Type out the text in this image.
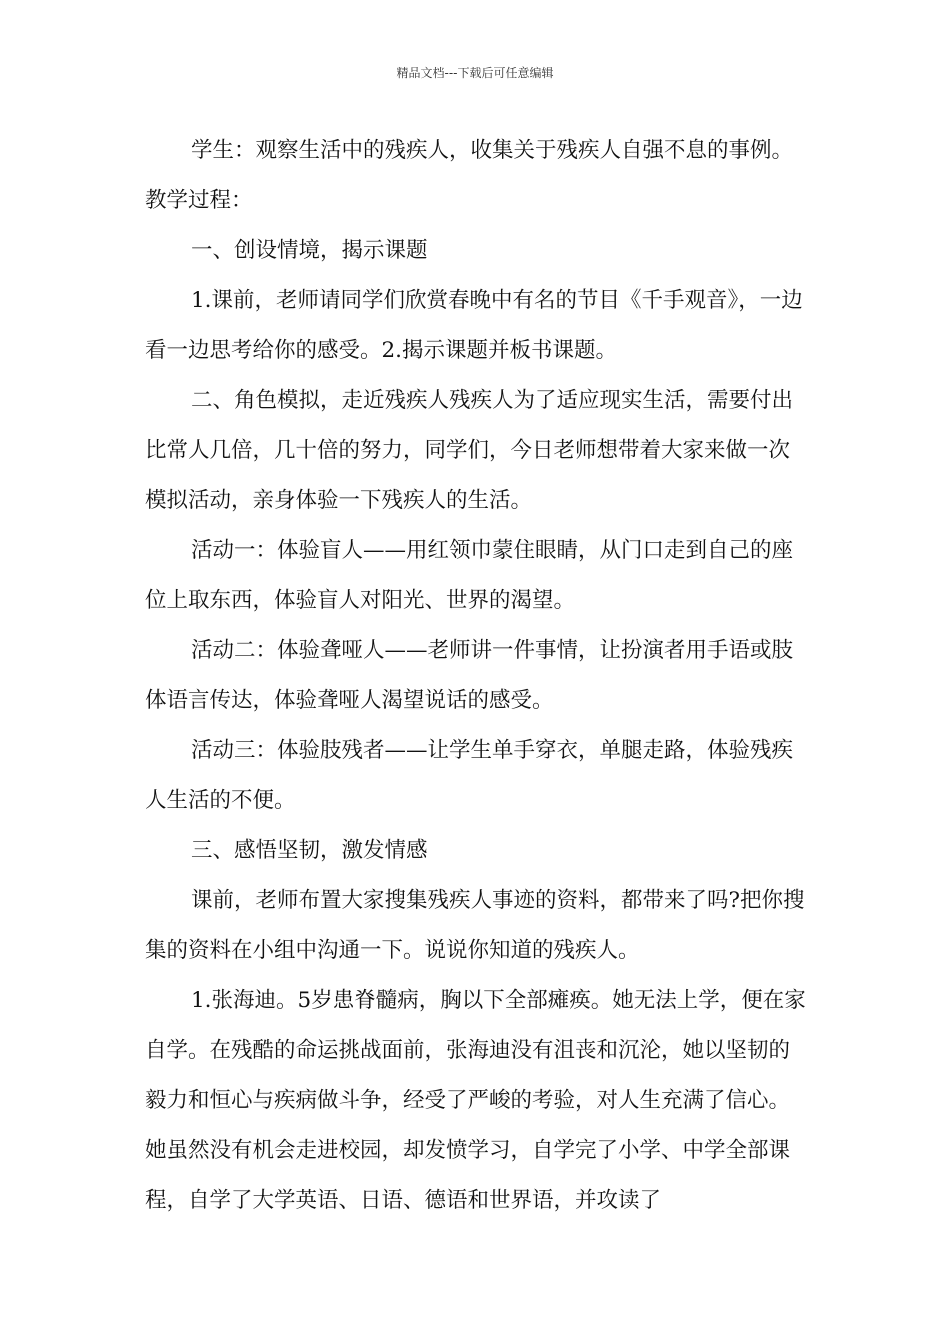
精品文档---下载后可任意编辑

学生：观察生活中的残疾人，收集关于残疾人自强不息的事例。

教学过程：

一、创设情境，揭示课题

1.课前，老师请同学们欣赏春晚中有名的节目《千手观音》，一边看一边思考给你的感受。2.揭示课题并板书课题。

二、角色模拟，走近残疾人残疾人为了适应现实生活，需要付出比常人几倍，几十倍的努力，同学们，今日老师想带着大家来做一次模拟活动，亲身体验一下残疾人的生活。

活动一：体验盲人——用红领巾蒙住眼睛，从门口走到自己的座位上取东西，体验盲人对阳光、世界的渴望。

活动二：体验聋哑人——老师讲一件事情，让扮演者用手语或肢体语言传达，体验聋哑人渴望说话的感受。

活动三：体验肢残者——让学生单手穿衣，单腿走路，体验残疾人生活的不便。

三、感悟坚韧，激发情感

课前，老师布置大家搜集残疾人事迹的资料，都带来了吗?把你搜集的资料在小组中沟通一下。说说你知道的残疾人。

1.张海迪。5岁患脊髓病，胸以下全部瘫痪。她无法上学，便在家自学。在残酷的命运挑战面前，张海迪没有沮丧和沉沦，她以坚韧的毅力和恒心与疾病做斗争，经受了严峻的考验，对人生充满了信心。她虽然没有机会走进校园，却发愤学习，自学完了小学、中学全部课程，自学了大学英语、日语、德语和世界语，并攻读了
